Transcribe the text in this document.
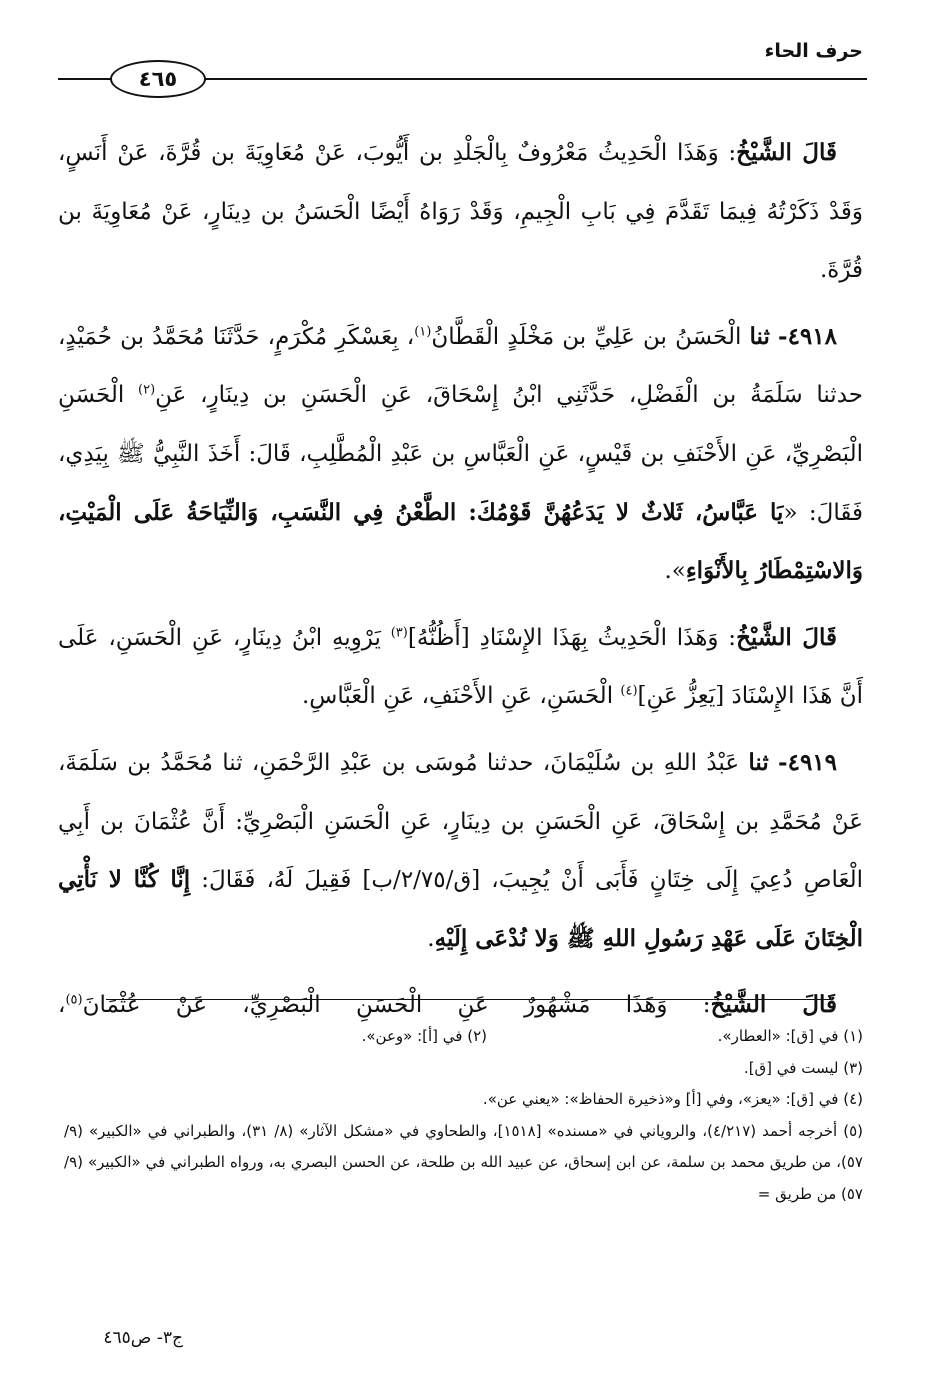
حرف الحاء
٤٦٥

قَالَ الشَّيْخُ: وَهَذَا الْحَدِيثُ مَعْرُوفٌ بِالْجَلْدِ بن أَيُّوبَ، عَنْ مُعَاوِيَةَ بن قُرَّةَ، عَنْ أَنَسٍ، وَقَدْ ذَكَرْتُهُ فِيمَا تَقَدَّمَ فِي بَابِ الْجِيمِ، وَقَدْ رَوَاهُ أَيْضًا الْحَسَنُ بن دِينَارٍ، عَنْ مُعَاوِيَةَ بن قُرَّةَ.

٤٩١٨- ثنا الْحَسَنُ بن عَلِيِّ بن مَخْلَدٍ الْقَطَّانُ$^{(١)}$، بِعَسْكَرِ مُكْرَمٍ، حَدَّثَنَا مُحَمَّدُ بن حُمَيْدٍ، حدثنا سَلَمَةُ بن الْفَضْلِ، حَدَّثَنِي ابْنُ إِسْحَاقَ، عَنِ الْحَسَنِ بن دِينَارٍ، عَنِ$^{(٢)}$ الْحَسَنِ الْبَصْرِيِّ، عَنِ الأَحْنَفِ بن قَيْسٍ، عَنِ الْعَبَّاسِ بن عَبْدِ الْمُطَّلِبِ، قَالَ: أَخَذَ النَّبِيُّ ﷺ بِيَدِي، فَقَالَ: «يَا عَبَّاسُ، ثَلاثٌ لا يَدَعُهُنَّ قَوْمُكَ: الطَّعْنُ فِي النَّسَبِ، وَالنِّيَاحَةُ عَلَى الْمَيْتِ، وَالاسْتِمْطَارُ بِالأَنْوَاءِ».

قَالَ الشَّيْخُ: وَهَذَا الْحَدِيثُ بِهَذَا الإِسْنَادِ [أَظُنُّهُ]$^{(٣)}$ يَرْوِيهِ ابْنُ دِينَارٍ، عَنِ الْحَسَنِ، عَلَى أَنَّ هَذَا الإِسْنَادَ [يَعِزُّ عَنِ]$^{(٤)}$ الْحَسَنِ، عَنِ الأَحْنَفِ، عَنِ الْعَبَّاسِ.

٤٩١٩- ثنا عَبْدُ اللهِ بن سُلَيْمَانَ، حدثنا مُوسَى بن عَبْدِ الرَّحْمَنِ، ثنا مُحَمَّدُ بن سَلَمَةَ، عَنْ مُحَمَّدِ بن إِسْحَاقَ، عَنِ الْحَسَنِ بن دِينَارٍ، عَنِ الْحَسَنِ الْبَصْرِيِّ: أَنَّ عُثْمَانَ بن أَبِي الْعَاصِ دُعِيَ إِلَى خِتَانٍ فَأَبَى أَنْ يُجِيبَ، [ق/٢/٧٥/ب] فَقِيلَ لَهُ، فَقَالَ: إِنَّا كُنَّا لا نَأْتِي الْخِتَانَ عَلَى عَهْدِ رَسُولِ اللهِ ﷺ وَلا نُدْعَى إِلَيْهِ.

قَالَ الشَّيْخُ: وَهَذَا مَشْهُورٌ عَنِ الْحَسَنِ الْبَصْرِيِّ، عَنْ عُثْمَانَ$^{(٥)}$،

(١) في [ق]: «العطار».
(٢) في [أ]: «وعن».

(٣) ليست في [ق].

(٤) في [ق]: «يعز»، وفي [أ] و«ذخيرة الحفاظ»: «يعني عن».

(٥) أخرجه أحمد (٤/٢١٧)، والروياني في «مسنده» [١٥١٨]، والطحاوي في «مشكل الآثار» (٨/ ٣١)، والطبراني في «الكبير» (٩/ ٥٧)، من طريق محمد بن سلمة، عن ابن إسحاق، عن عبيد الله بن طلحة، عن الحسن البصري به، ورواه الطبراني في «الكبير» (٩/ ٥٧) من طريق =

ج٣- ص٤٦٥
